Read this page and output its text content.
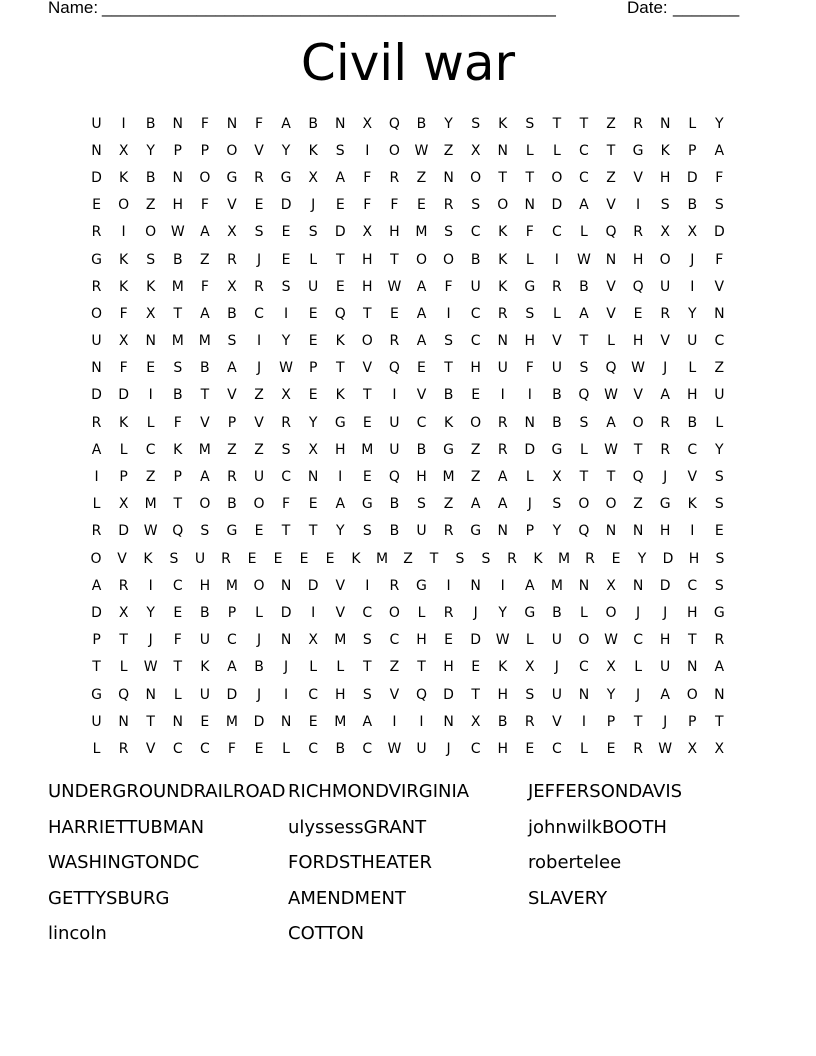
Name: ________________________________________________	Date: _______
Civil war
U	I	B	N	F	N	F	A	B	N	X	Q	B	Y	S	K	S	T	T	Z	R	N	L	Y
N	X	Y	P	P	O	V	Y	K	S	I	O	W	Z	X	N	L	L	C	T	G	K	P	A
D	K	B	N	O	G	R	G	X	A	F	R	Z	N	O	T	T	O	C	Z	V	H	D	F
E	O	Z	H	F	V	E	D	J	E	F	F	E	R	S	O	N	D	A	V	I	S	B	S
R	I	O	W	A	X	S	E	S	D	X	H	M	S	C	K	F	C	L	Q	R	X	X	D
G	K	S	B	Z	R	J	E	L	T	H	T	O	O	B	K	L	I	W	N	H	O	J	F
R	K	K	M	F	X	R	S	U	E	H	W	A	F	U	K	G	R	B	V	Q	U	I	V
O	F	X	T	A	B	C	I	E	Q	T	E	A	I	C	R	S	L	A	V	E	R	Y	N
U	X	N	M	M	S	I	Y	E	K	O	R	A	S	C	N	H	V	T	L	H	V	U	C
N	F	E	S	B	A	J	W	P	T	V	Q	E	T	H	U	F	U	S	Q	W	J	L	Z
D	D	I	B	T	V	Z	X	E	K	T	I	V	B	E	I	I	B	Q	W	V	A	H	U
R	K	L	F	V	P	V	R	Y	G	E	U	C	K	O	R	N	B	S	A	O	R	B	L
A	L	C	K	M	Z	Z	S	X	H	M	U	B	G	Z	R	D	G	L	W	T	R	C	Y
I	P	Z	P	A	R	U	C	N	I	E	Q	H	M	Z	A	L	X	T	T	Q	J	V	S
L	X	M	T	O	B	O	F	E	A	G	B	S	Z	A	A	J	S	O	O	Z	G	K	S
R	D	W	Q	S	G	E	T	T	Y	S	B	U	R	G	N	P	Y	Q	N	N	H	I	E
O	V	K	S	U	R	E	E	E	E	K	M	Z	T	S	S	R	K	M	R	E	Y	D	H	S
A	R	I	C	H	M	O	N	D	V	I	R	G	I	N	I	A	M	N	X	N	D	C	S
D	X	Y	E	B	P	L	D	I	V	C	O	L	R	J	Y	G	B	L	O	J	J	H	G
P	T	J	F	U	C	J	N	X	M	S	C	H	E	D	W	L	U	O	W	C	H	T	R
T	L	W	T	K	A	B	J	L	L	T	Z	T	H	E	K	X	J	C	X	L	U	N	A
G	Q	N	L	U	D	J	I	C	H	S	V	Q	D	T	H	S	U	N	Y	J	A	O	N
U	N	T	N	E	M	D	N	E	M	A	I	I	N	X	B	R	V	I	P	T	J	P	T
L	R	V	C	C	F	E	L	C	B	C	W	U	J	C	H	E	C	L	E	R	W	X	X
UNDERGROUNDRAILROAD RICHMONDVIRGINIA	JEFFERSONDAVIS
HARRIETTUBMAN	ulyssessGRANT	johnwilkBOOTH
WASHINGTONDC	FORDSTHEATER	robertelee
GETTYSBURG	AMENDMENT	SLAVERY
lincoln	COTTON
